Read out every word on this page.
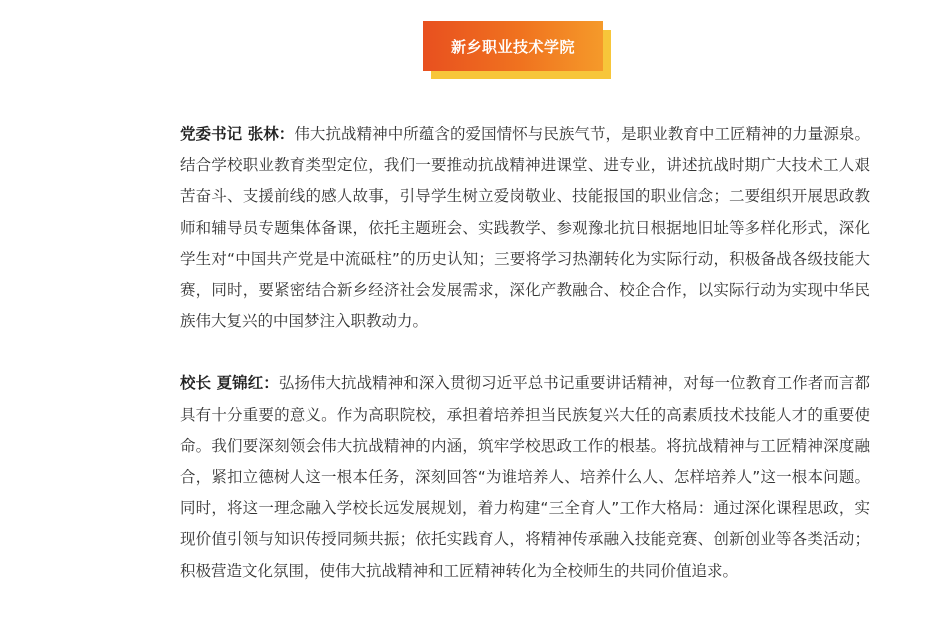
新乡职业技术学院

党委书记 张林：伟大抗战精神中所蕴含的爱国情怀与民族气节，是职业教育中工匠精神的力量源泉。结合学校职业教育类型定位，我们一要推动抗战精神进课堂、进专业，讲述抗战时期广大技术工人艰苦奋斗、支援前线的感人故事，引导学生树立爱岗敬业、技能报国的职业信念；二要组织开展思政教师和辅导员专题集体备课，依托主题班会、实践教学、参观豫北抗日根据地旧址等多样化形式，深化学生对“中国共产党是中流砥柱”的历史认知；三要将学习热潮转化为实际行动，积极备战各级技能大赛，同时，要紧密结合新乡经济社会发展需求，深化产教融合、校企合作，以实际行动为实现中华民族伟大复兴的中国梦注入职教动力。

校长 夏锦红：弘扬伟大抗战精神和深入贯彻习近平总书记重要讲话精神，对每一位教育工作者而言都具有十分重要的意义。作为高职院校，承担着培养担当民族复兴大任的高素质技术技能人才的重要使命。我们要深刻领会伟大抗战精神的内涵，筑牢学校思政工作的根基。将抗战精神与工匠精神深度融合，紧扣立德树人这一根本任务，深刻回答“为谁培养人、培养什么人、怎样培养人”这一根本问题。同时，将这一理念融入学校长远发展规划，着力构建“三全育人”工作大格局：通过深化课程思政，实现价值引领与知识传授同频共振；依托实践育人，将精神传承融入技能竞赛、创新创业等各类活动；积极营造文化氛围，使伟大抗战精神和工匠精神转化为全校师生的共同价值追求。
